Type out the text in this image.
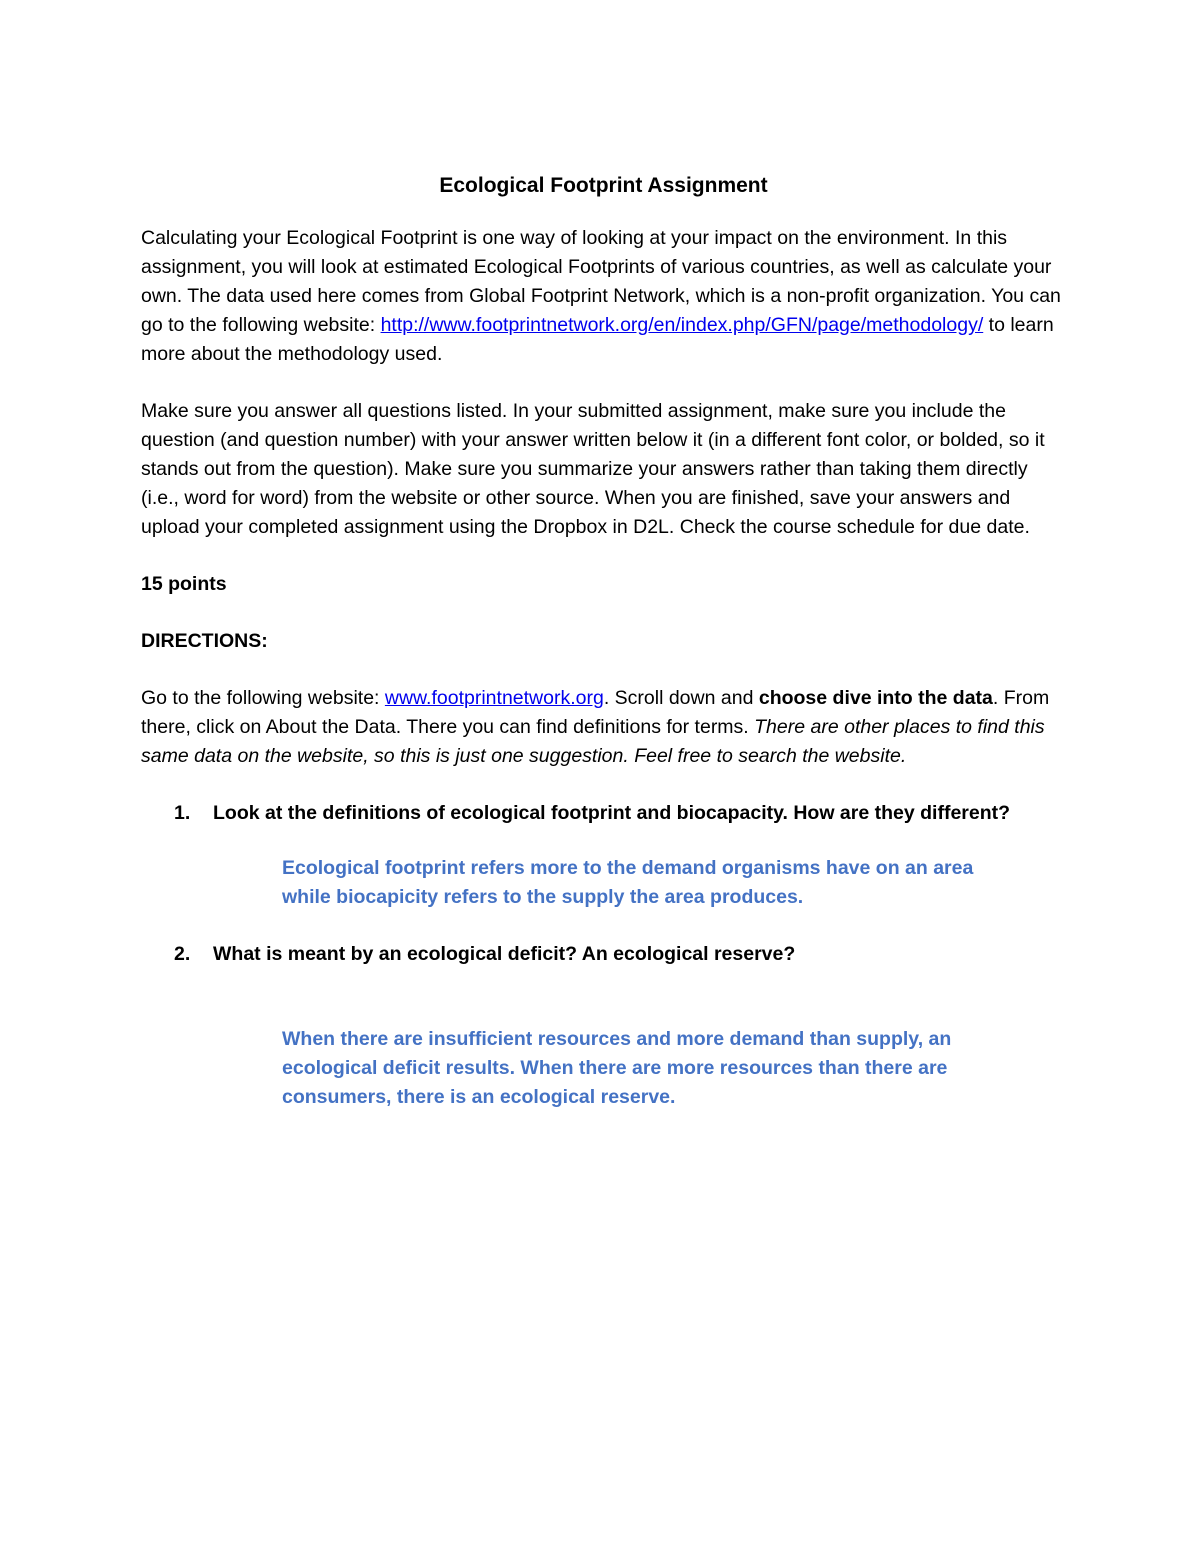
Ecological Footprint Assignment

Calculating your Ecological Footprint is one way of looking at your impact on the environment. In this assignment, you will look at estimated Ecological Footprints of various countries, as well as calculate your own. The data used here comes from Global Footprint Network, which is a non-profit organization. You can go to the following website: http://www.footprintnetwork.org/en/index.php/GFN/page/methodology/ to learn more about the methodology used.

Make sure you answer all questions listed. In your submitted assignment, make sure you include the question (and question number) with your answer written below it (in a different font color, or bolded, so it stands out from the question). Make sure you summarize your answers rather than taking them directly (i.e., word for word) from the website or other source. When you are finished, save your answers and upload your completed assignment using the Dropbox in D2L. Check the course schedule for due date.

15 points

DIRECTIONS:

Go to the following website: www.footprintnetwork.org. Scroll down and choose dive into the data. From there, click on About the Data. There you can find definitions for terms. There are other places to find this same data on the website, so this is just one suggestion. Feel free to search the website.

1. Look at the definitions of ecological footprint and biocapacity. How are they different?

Ecological footprint refers more to the demand organisms have on an area while biocapicity refers to the supply the area produces.

2. What is meant by an ecological deficit? An ecological reserve?

When there are insufficient resources and more demand than supply, an ecological deficit results. When there are more resources than there are consumers, there is an ecological reserve.
